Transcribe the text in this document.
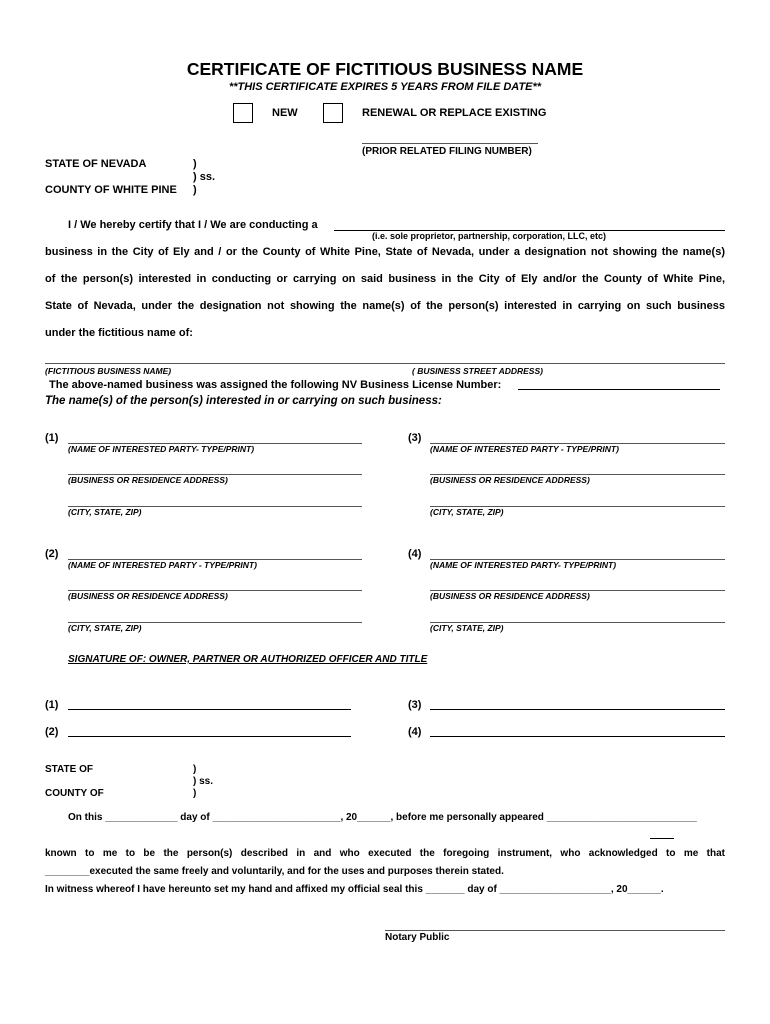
CERTIFICATE OF FICTITIOUS BUSINESS NAME
**THIS CERTIFICATE EXPIRES 5 YEARS FROM FILE DATE**
NEW	RENEWAL OR REPLACE EXISTING
(PRIOR RELATED FILING NUMBER)
STATE OF NEVADA	)
) ss.
COUNTY OF WHITE PINE )
I / We hereby certify that I / We are conducting a
(i.e. sole proprietor, partnership, corporation, LLC, etc)
business in the City of Ely and / or the County of White Pine, State of Nevada, under a designation not showing the name(s)
of the person(s) interested in conducting or carrying on said business in the City of Ely and/or the County of White Pine,
State of Nevada, under the designation not showing the name(s) of the person(s) interested in carrying on such business
under the fictitious name of:
(FICTITIOUS BUSINESS NAME)	( BUSINESS STREET ADDRESS)
The above-named business was assigned the following NV Business License Number:
The name(s) of the person(s) interested in or carrying on such business:
(1)
(NAME OF INTERESTED PARTY- TYPE/PRINT)
(BUSINESS OR RESIDENCE ADDRESS)
(CITY, STATE, ZIP)
(3)
(NAME OF INTERESTED PARTY - TYPE/PRINT)
(BUSINESS OR RESIDENCE ADDRESS)
(CITY, STATE, ZIP)
(2)
(NAME OF INTERESTED PARTY - TYPE/PRINT)
(BUSINESS OR RESIDENCE ADDRESS)
(CITY, STATE, ZIP)
(4)
(NAME OF INTERESTED PARTY- TYPE/PRINT)
(BUSINESS OR RESIDENCE ADDRESS)
(CITY, STATE, ZIP)
SIGNATURE OF: OWNER, PARTNER OR AUTHORIZED OFFICER AND TITLE
(1)	(3)
(2)	(4)
STATE OF	)
) ss.
COUNTY OF	)
On this _____________ day of _______________________, 20______, before me personally appeared ___________________________
known to me to be the person(s) described in and who executed the foregoing instrument, who acknowledged to me that
________executed the same freely and voluntarily, and for the uses and purposes therein stated.
In witness whereof I have hereunto set my hand and affixed my official seal this _______ day of ____________________, 20______.
Notary Public
